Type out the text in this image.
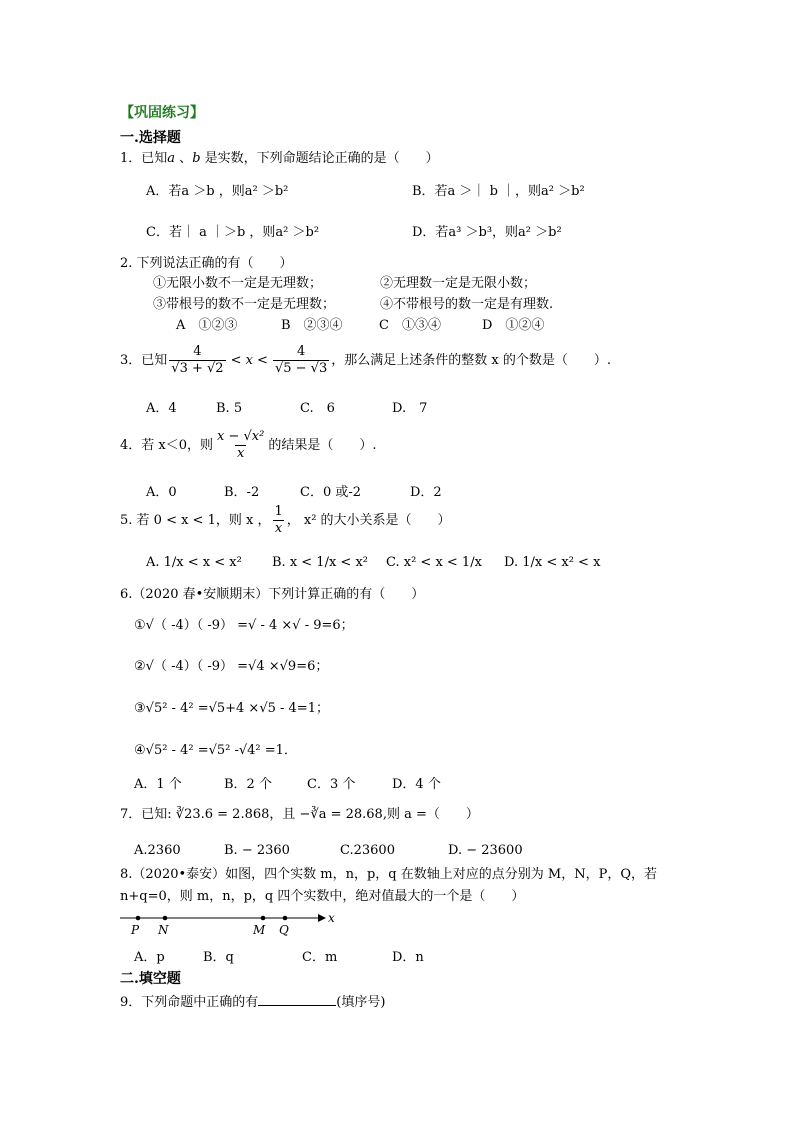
【巩固练习】
一.选择题
1．已知a 、b 是实数，下列命题结论正确的是（　　）
A．若a ＞b ，则a² ＞b²	B．若a ＞｜ b ｜，则a² ＞b²
C．若｜ a ｜＞b ，则a² ＞b²	D．若a³ ＞b³，则a² ＞b²
2. 下列说法正确的有（　　）
①无限小数不一定是无理数；	②无理数一定是无限小数；
③带根号的数不一定是无理数；	④不带根号的数一定是有理数.
A　①②③	B　②③④	C　①③④	D　①②④
3．已知 $\frac{4}{√3 + √2} < x < \frac{4}{√5 - √3}$ ，那么满足上述条件的整数 x 的个数是（　　）.
A．4	B. 5	C.　6	D.　7
4．若 x＜0，则 $\frac{\text{x − √x²}}{x}$ 的结果是（　　）.
A．0	B．-2	C．0 或-2	D．2
5. 若 0 < x < 1，则 x ， $\frac{1}{x}$ ， x² 的大小关系是（　　）
A. 1/x < x < x² B. x < 1/x < x² C. x² < x < 1/x D. 1/x < x² < x
6.（2020 春•安顺期末）下列计算正确的有（　　）
①√（ -4）（ -9） =√ - 4 ×√ - 9=6；
②√（ -4）（ -9） =√4 ×√9=6；
③√5² - 4² =√5+4 ×√5 - 4=1；
④√5² - 4² =√5² -√4² =1．
A．1 个	B．2 个	C．3 个	D．4 个
7．已知: ∛23.6 = 2.868，且 −∛a = 28.68,则 a =（　　）
A.2360	B. − 2360	C.23600	D. − 23600
8.（2020•泰安）如图，四个实数 m，n，p，q 在数轴上对应的点分别为 M，N，P，Q，若
n+q=0，则 m，n，p，q 四个实数中，绝对值最大的一个是（　　）
P N	M Q
x
A．p	B．q	C．m	D．n
二.填空题
9．下列命题中正确的有	(填序号)
